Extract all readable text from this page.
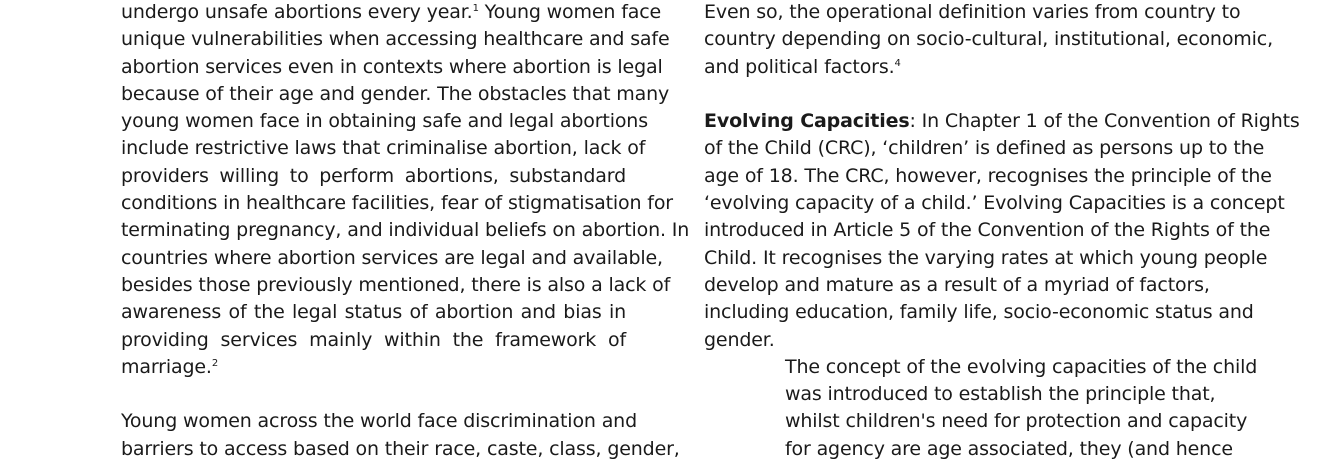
undergo unsafe abortions every year.$^1$ Young women face
unique vulnerabilities when accessing healthcare and safe
abortion services even in contexts where abortion is legal
because of their age and gender. The obstacles that many
young women face in obtaining safe and legal abortions
include restrictive laws that criminalise abortion, lack of
providers willing to perform abortions, substandard
conditions in healthcare facilities, fear of stigmatisation for
terminating pregnancy, and individual beliefs on abortion. In
countries where abortion services are legal and available,
besides those previously mentioned, there is also a lack of
awareness of the legal status of abortion and bias in
providing services mainly within the framework of
marriage.$^2$
Young women across the world face discrimination and
barriers to access based on their race, caste, class, gender,
Even so, the operational definition varies from country to
country depending on socio-cultural, institutional, economic,
and political factors.$^4$
Evolving Capacities: In Chapter 1 of the Convention of Rights
of the Child (CRC), ‘children’ is defined as persons up to the
age of 18. The CRC, however, recognises the principle of the
‘evolving capacity of a child.’ Evolving Capacities is a concept
introduced in Article 5 of the Convention of the Rights of the
Child. It recognises the varying rates at which young people
develop and mature as a result of a myriad of factors,
including education, family life, socio-economic status and
gender.
The concept of the evolving capacities of the child
was introduced to establish the principle that,
whilst children's need for protection and capacity
for agency are age associated, they (and hence
